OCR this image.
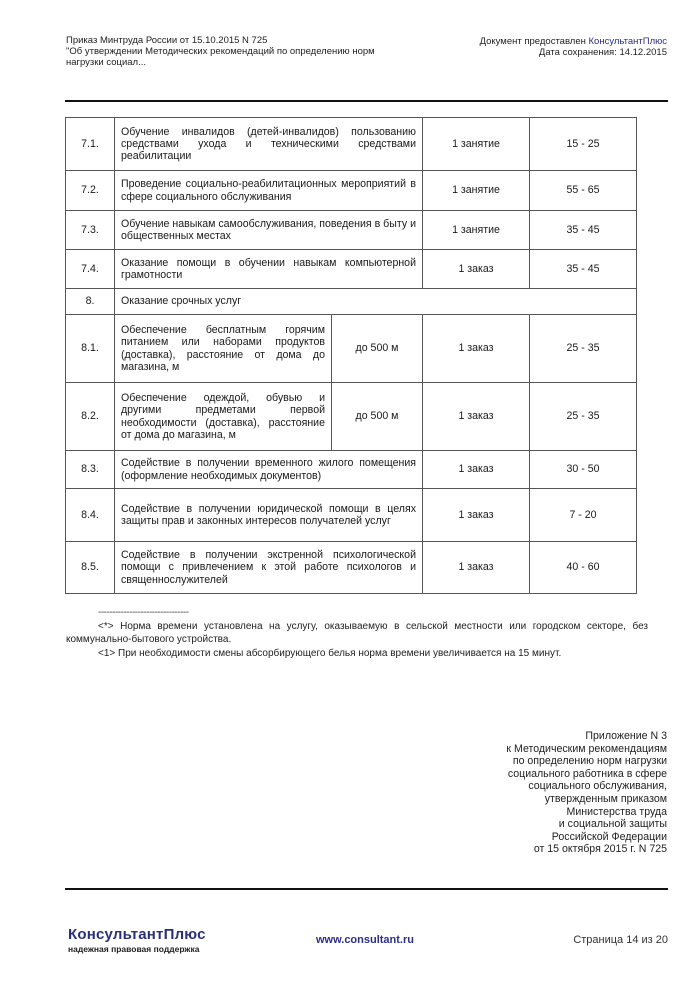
Приказ Минтруда России от 15.10.2015 N 725
"Об утверждении Методических рекомендаций по определению норм нагрузки социал...
Документ предоставлен КонсультантПлюс
Дата сохранения: 14.12.2015
7.1.	Обучение инвалидов (детей-инвалидов) пользованию средствами ухода и техническими средствами реабилитации		1 занятие	15 - 25
7.2.	Проведение социально-реабилитационных мероприятий в сфере социального обслуживания		1 занятие	55 - 65
7.3.	Обучение навыкам самообслуживания, поведения в быту и общественных местах		1 занятие	35 - 45
7.4.	Оказание помощи в обучении навыкам компьютерной грамотности		1 заказ	35 - 45
8.	Оказание срочных услуг			
8.1.	Обеспечение бесплатным горячим питанием или наборами продуктов (доставка), расстояние от дома до магазина, м	до 500 м	1 заказ	25 - 35
8.2.	Обеспечение одеждой, обувью и другими предметами первой необходимости (доставка), расстояние от дома до магазина, м	до 500 м	1 заказ	25 - 35
8.3.	Содействие в получении временного жилого помещения (оформление необходимых документов)		1 заказ	30 - 50
8.4.	Содействие в получении юридической помощи в целях защиты прав и законных интересов получателей услуг		1 заказ	7 - 20
8.5.	Содействие в получении экстренной психологической помощи с привлечением к этой работе психологов и священнослужителей		1 заказ	40 - 60
--------------------------------

<*> Норма времени установлена на услугу, оказываемую в сельской местности или городском секторе, без коммунально-бытового устройства.

<1> При необходимости смены абсорбирующего белья норма времени увеличивается на 15 минут.

Приложение N 3
к Методическим рекомендациям
по определению норм нагрузки
социального работника в сфере
социального обслуживания,
утвержденным приказом
Министерства труда
и социальной защиты
Российской Федерации
от 15 октября 2015 г. N 725
КонсультантПлюс
надежная правовая поддержка
www.consultant.ru	Страница 14 из 20
